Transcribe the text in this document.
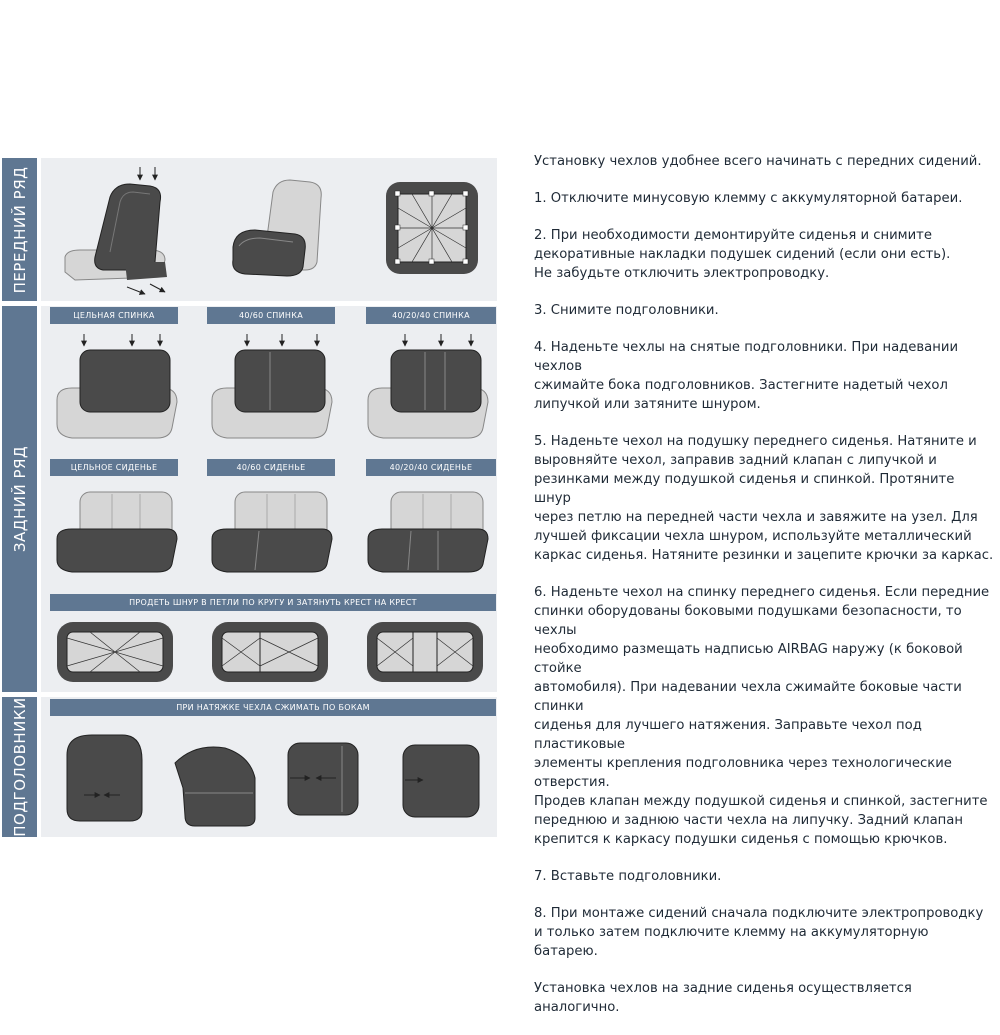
ПЕРЕДНИЙ РЯД
ЗАДНИЙ РЯД
ПОДГОЛОВНИКИ
ЦЕЛЬНАЯ СПИНКА	40/60 СПИНКА	40/20/40 СПИНКА
ЦЕЛЬНОЕ СИДЕНЬЕ	40/60 СИДЕНЬЕ	40/20/40 СИДЕНЬЕ
ПРОДЕТЬ ШНУР В ПЕТЛИ ПО КРУГУ И ЗАТЯНУТЬ КРЕСТ НА КРЕСТ
ПРИ НАТЯЖКЕ ЧЕХЛА СЖИМАТЬ ПО БОКАМ

Установку чехлов удобнее всего начинать с передних сидений.

1. Отключите минусовую клемму с аккумуляторной батареи.

2. При необходимости демонтируйте сиденья и снимите
декоративные накладки подушек сидений (если они есть).
Не забудьте отключить электропроводку.

3. Снимите подголовники.

4. Наденьте чехлы на снятые подголовники. При надевании чехлов
сжимайте бока подголовников. Застегните надетый чехол
липучкой или затяните шнуром.

5. Наденьте чехол на подушку переднего сиденья. Натяните и
выровняйте чехол, заправив задний клапан с липучкой и
резинками между подушкой сиденья и спинкой. Протяните шнур
через петлю на передней части чехла и завяжите на узел. Для
лучшей фиксации чехла шнуром, используйте металлический
каркас сиденья. Натяните резинки и зацепите крючки за каркас.

6. Наденьте чехол на спинку переднего сиденья. Если передние
спинки оборудованы боковыми подушками безопасности, то чехлы
необходимо размещать надписью AIRBAG наружу (к боковой стойке
автомобиля). При надевании чехла сжимайте боковые части спинки
сиденья для лучшего натяжения. Заправьте чехол под пластиковые
элементы крепления подголовника через технологические отверстия.
Продев клапан между подушкой сиденья и спинкой, застегните
переднюю и заднюю части чехла на липучку. Задний клапан
крепится к каркасу подушки сиденья с помощью крючков.

7. Вставьте подголовники.

8. При монтаже сидений сначала подключите электропроводку
и только затем подключите клемму на аккумуляторную батарею.

Установка чехлов на задние сиденья осуществляется аналогично.
